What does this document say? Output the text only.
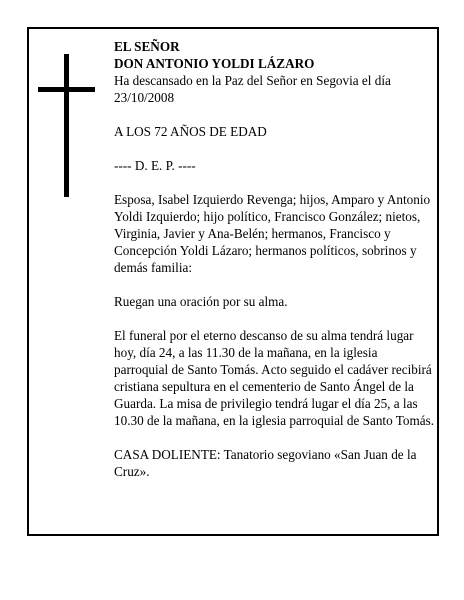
EL SEÑOR

DON ANTONIO YOLDI LÁZARO

Ha descansado en la Paz del Señor en Segovia el día 23/10/2008

A LOS 72 AÑOS DE EDAD

---- D. E. P. ----

Esposa, Isabel Izquierdo Revenga; hijos, Amparo y Antonio Yoldi Izquierdo; hijo político, Francisco González; nietos, Virginia, Javier y Ana-Belén; hermanos, Francisco y Concepción Yoldi Lázaro; hermanos políticos, sobrinos y demás familia:

Ruegan una oración por su alma.

El funeral por el eterno descanso de su alma tendrá lugar hoy, día 24, a las 11.30 de la mañana, en la iglesia parroquial de Santo Tomás. Acto seguido el cadáver recibirá cristiana sepultura en el cementerio de Santo Ángel de la Guarda. La misa de privilegio tendrá lugar el día 25, a las 10.30 de la mañana, en la iglesia parroquial de Santo Tomás.

CASA DOLIENTE: Tanatorio segoviano «San Juan de la Cruz».
